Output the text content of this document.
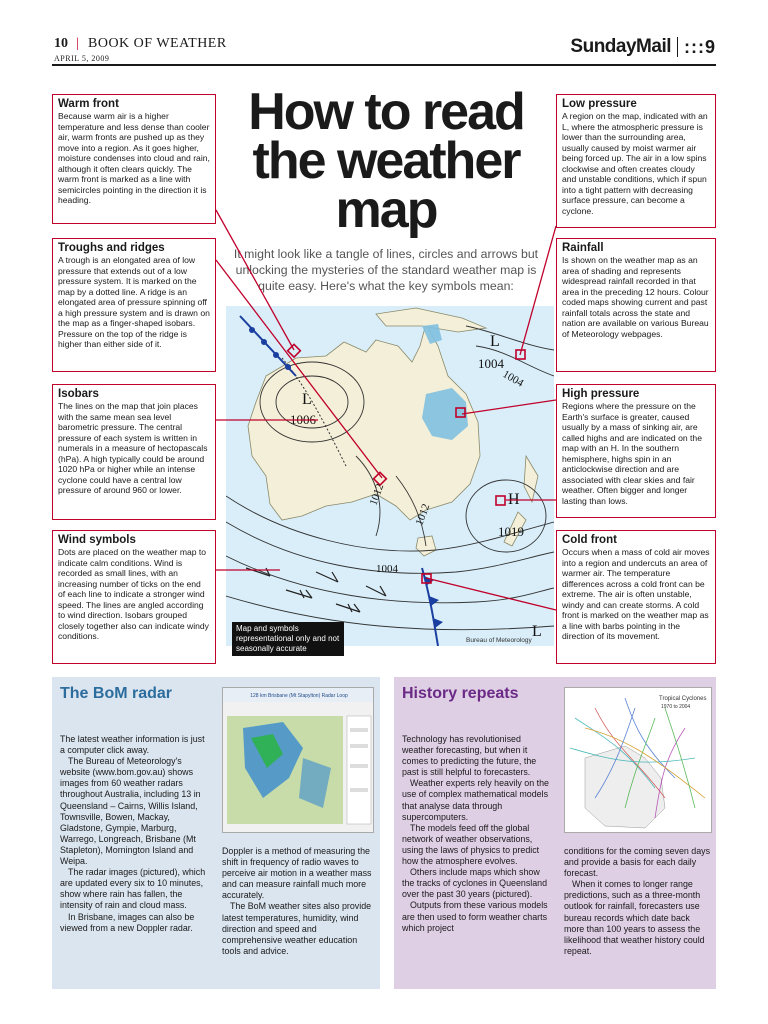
10 | BOOK OF WEATHER
APRIL 5, 2009
SundayMail :::9
How to read the weather map

It might look like a tangle of lines, circles and arrows but unlocking the mysteries of the standard weather map is quite easy. Here's what the key symbols mean:

L
1004
L
1006
H
1019
1012
1004
1012
1004
L
Map and symbols representational only and not seasonally accurate
Bureau of Meteorology
Warm front

Because warm air is a higher temperature and less dense than cooler air, warm fronts are pushed up as they move into a region. As it goes higher, moisture condenses into cloud and rain, although it often clears quickly. The warm front is marked as a line with semicircles pointing in the direction it is heading.

Troughs and ridges

A trough is an elongated area of low pressure that extends out of a low pressure system. It is marked on the map by a dotted line. A ridge is an elongated area of pressure spinning off a high pressure system and is drawn on the map as a finger-shaped isobars. Pressure on the top of the ridge is higher than either side of it.

Isobars

The lines on the map that join places with the same mean sea level barometric pressure. The central pressure of each system is written in numerals in a measure of hectopascals (hPa). A high typically could be around 1020 hPa or higher while an intense cyclone could have a central low pressure of around 960 or lower.

Wind symbols

Dots are placed on the weather map to indicate calm conditions. Wind is recorded as small lines, with an increasing number of ticks on the end of each line to indicate a stronger wind speed. The lines are angled according to wind direction. Isobars grouped closely together also can indicate windy conditions.

Low pressure

A region on the map, indicated with an L, where the atmospheric pressure is lower than the surrounding area, usually caused by moist warmer air being forced up. The air in a low spins clockwise and often creates cloudy and unstable conditions, which if spun into a tight pattern with decreasing surface pressure, can become a cyclone.

Rainfall

Is shown on the weather map as an area of shading and represents widespread rainfall recorded in that area in the preceding 12 hours. Colour coded maps showing current and past rainfall totals across the state and nation are available on various Bureau of Meteorology webpages.

High pressure

Regions where the pressure on the Earth's surface is greater, caused usually by a mass of sinking air, are called highs and are indicated on the map with an H. In the southern hemisphere, highs spin in an anticlockwise direction and are associated with clear skies and fair weather. Often bigger and longer lasting than lows.

Cold front

Occurs when a mass of cold air moves into a region and undercuts an area of warmer air. The temperature differences across a cold front can be extreme. The air is often unstable, windy and can create storms. A cold front is marked on the weather map as a line with barbs pointing in the direction of its movement.

The BoM radar

The latest weather information is just a computer click away.

The Bureau of Meteorology's website (www.bom.gov.au) shows images from 60 weather radars throughout Australia, including 13 in Queensland – Cairns, Willis Island, Townsville, Bowen, Mackay, Gladstone, Gympie, Marburg, Warrego, Longreach, Brisbane (Mt Stapleton), Mornington Island and Weipa.

The radar images (pictured), which are updated every six to 10 minutes, show where rain has fallen, the intensity of rain and cloud mass.

In Brisbane, images can also be viewed from a new Doppler radar.

128 km Brisbane (Mt Stapylton) Radar Loop

Doppler is a method of measuring the shift in frequency of radio waves to perceive air motion in a weather mass and can measure rainfall much more accurately.

The BoM weather sites also provide latest temperatures, humidity, wind direction and speed and comprehensive weather education tools and advice.

History repeats

Technology has revolutionised weather forecasting, but when it comes to predicting the future, the past is still helpful to forecasters.

Weather experts rely heavily on the use of complex mathematical models that analyse data through supercomputers.

The models feed off the global network of weather observations, using the laws of physics to predict how the atmosphere evolves.

Others include maps which show the tracks of cyclones in Queensland over the past 30 years (pictured).

Outputs from these various models are then used to form weather charts which project

Tropical Cyclones
1970 to 2004

conditions for the coming seven days and provide a basis for each daily forecast.

When it comes to longer range predictions, such as a three-month outlook for rainfall, forecasters use bureau records which date back more than 100 years to assess the likelihood that weather history could repeat.
